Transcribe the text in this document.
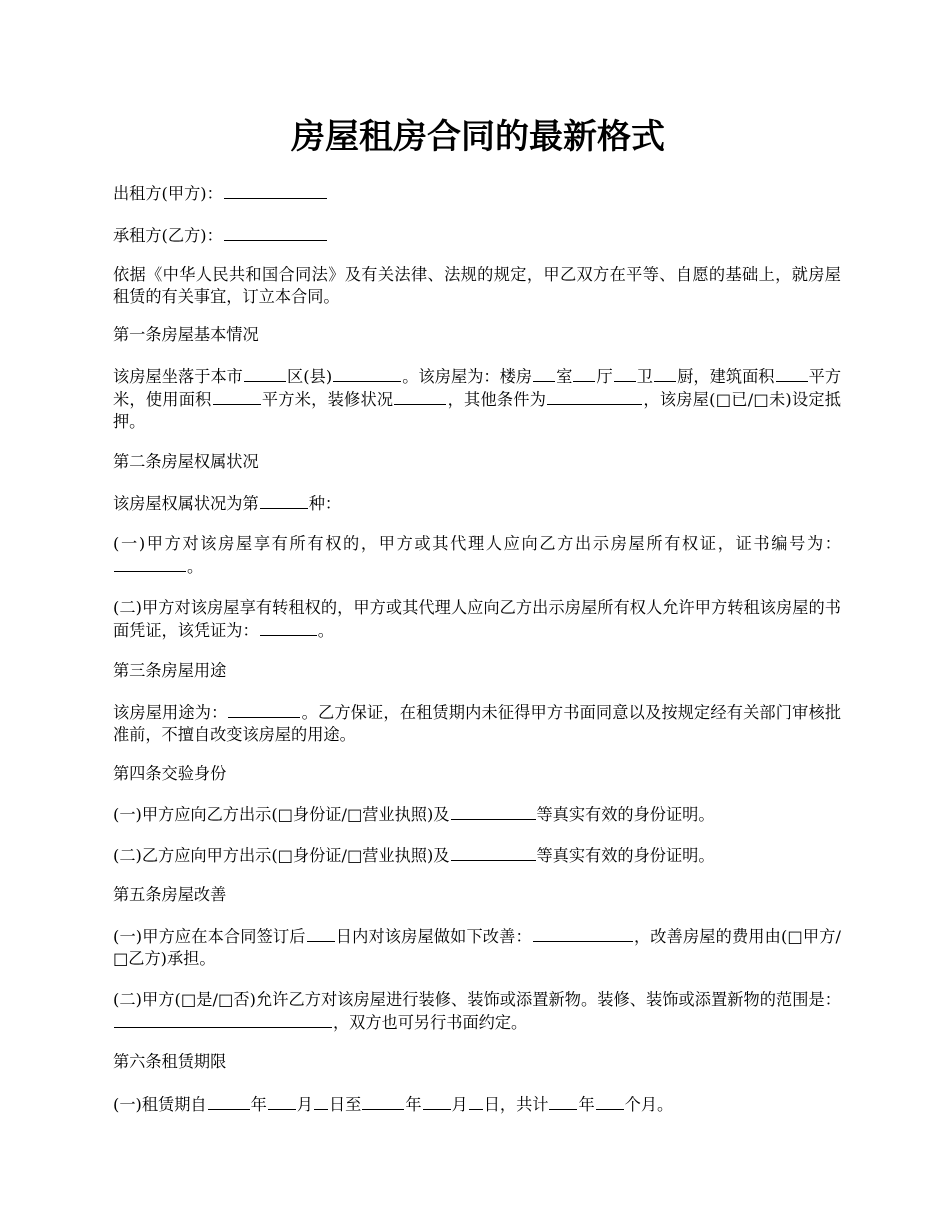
房屋租房合同的最新格式
出租方(甲方)：
承租方(乙方)：
依据《中华人民共和国合同法》及有关法律、法规的规定，甲乙双方在平等、自愿的基础上，就房屋租赁的有关事宜，订立本合同。
第一条房屋基本情况
该房屋坐落于本市	区(县)	。该房屋为：楼房 室 厅 卫 厨，建筑面积 平方米，使用面积	平方米，装修状况	，其他条件为	，该房屋(□已/□未)设定抵押。
第二条房屋权属状况
该房屋权属状况为第	种：
(一)甲方对该房屋享有所有权的，甲方或其代理人应向乙方出示房屋所有权证，证书编号为：。
(二)甲方对该房屋享有转租权的，甲方或其代理人应向乙方出示房屋所有权人允许甲方转租该房屋的书面凭证，该凭证为：	。
第三条房屋用途
该房屋用途为：	。乙方保证，在租赁期内未征得甲方书面同意以及按规定经有关部门审核批准前，不擅自改变该房屋的用途。
第四条交验身份
(一)甲方应向乙方出示(□身份证/□营业执照)及	等真实有效的身份证明。
(二)乙方应向甲方出示(□身份证/□营业执照)及	等真实有效的身份证明。
第五条房屋改善
(一)甲方应在本合同签订后 日内对该房屋做如下改善：	，改善房屋的费用由(□甲方/□乙方)承担。
(二)甲方(□是/□否)允许乙方对该房屋进行装修、装饰或添置新物。装修、装饰或添置新物的范围是：，双方也可另行书面约定。
第六条租赁期限
(一)租赁期自	年 月 日至	年 月 日，共计 年 个月。
